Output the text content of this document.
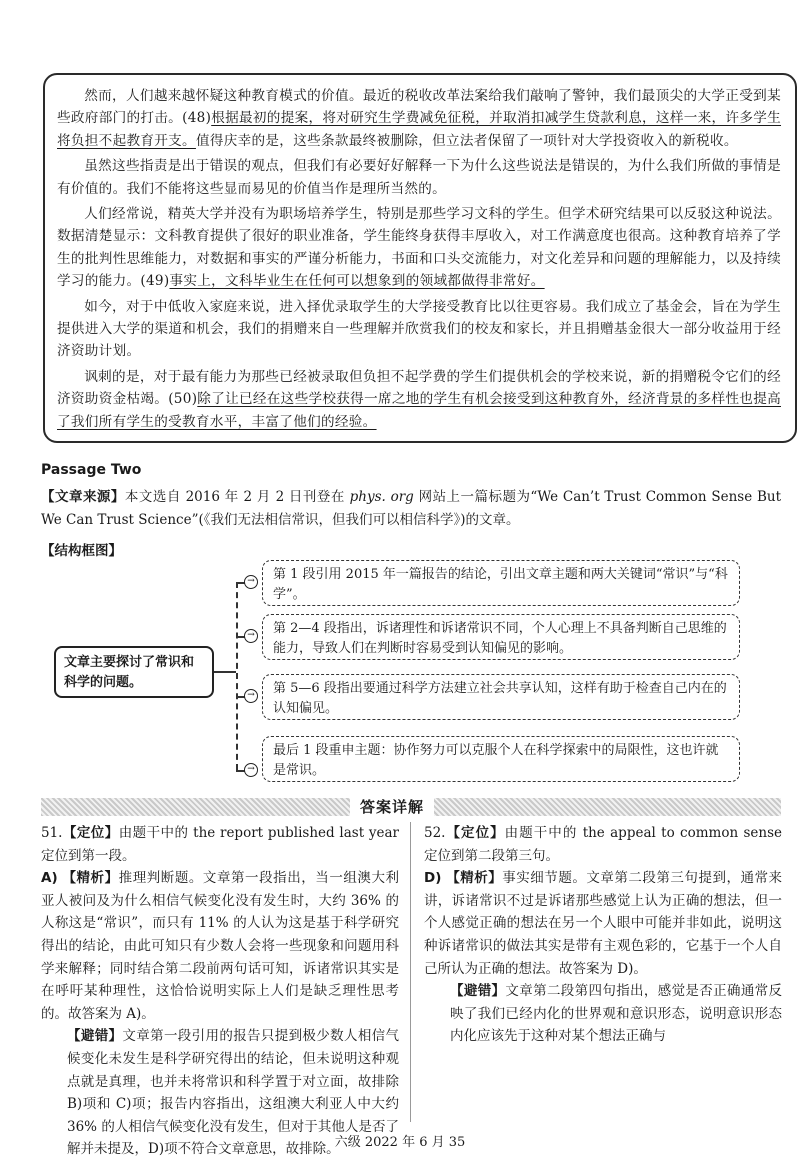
然而，人们越来越怀疑这种教育模式的价值。最近的税收改革法案给我们敲响了警钟，我们最顶尖的大学正受到某些政府部门的打击。(48)根据最初的提案，将对研究生学费减免征税，并取消扣减学生贷款利息，这样一来，许多学生将负担不起教育开支。值得庆幸的是，这些条款最终被删除，但立法者保留了一项针对大学投资收入的新税收。

虽然这些指责是出于错误的观点，但我们有必要好好解释一下为什么这些说法是错误的，为什么我们所做的事情是有价值的。我们不能将这些显而易见的价值当作是理所当然的。

人们经常说，精英大学并没有为职场培养学生，特别是那些学习文科的学生。但学术研究结果可以反驳这种说法。数据清楚显示：文科教育提供了很好的职业准备，学生能终身获得丰厚收入，对工作满意度也很高。这种教育培养了学生的批判性思维能力，对数据和事实的严谨分析能力，书面和口头交流能力，对文化差异和问题的理解能力，以及持续学习的能力。(49)事实上，文科毕业生在任何可以想象到的领域都做得非常好。

如今，对于中低收入家庭来说，进入择优录取学生的大学接受教育比以往更容易。我们成立了基金会，旨在为学生提供进入大学的渠道和机会，我们的捐赠来自一些理解并欣赏我们的校友和家长，并且捐赠基金很大一部分收益用于经济资助计划。

讽刺的是，对于最有能力为那些已经被录取但负担不起学费的学生们提供机会的学校来说，新的捐赠税令它们的经济资助资金枯竭。(50)除了让已经在这些学校获得一席之地的学生有机会接受到这种教育外，经济背景的多样性也提高了我们所有学生的受教育水平，丰富了他们的经验。

Passage Two
【文章来源】本文选自 2016 年 2 月 2 日刊登在 phys. org 网站上一篇标题为“We Can’t Trust Common Sense But We Can Trust Science”(《我们无法相信常识，但我们可以相信科学》)的文章。
【结构框图】
文章主要探讨了常识和科学的问题。
→	第 1 段引用 2015 年一篇报告的结论，引出文章主题和两大关键词“常识”与“科学”。
→	第 2—4 段指出，诉诸理性和诉诸常识不同，个人心理上不具备判断自己思维的能力，导致人们在判断时容易受到认知偏见的影响。
→	第 5—6 段指出要通过科学方法建立社会共享认知，这样有助于检查自己内在的认知偏见。
→
最后 1 段重申主题：协作努力可以克服个人在科学探索中的局限性，这也许就是常识。
答案详解

51.【定位】由题干中的 the report published last year 定位到第一段。

A) 【精析】推理判断题。文章第一段指出，当一组澳大利亚人被问及为什么相信气候变化没有发生时，大约 36% 的人称这是“常识”，而只有 11% 的人认为这是基于科学研究得出的结论，由此可知只有少数人会将一些现象和问题用科学来解释；同时结合第二段前两句话可知，诉诸常识其实是在呼吁某种理性，这恰恰说明实际上人们是缺乏理性思考的。故答案为 A)。

【避错】文章第一段引用的报告只提到极少数人相信气候变化未发生是科学研究得出的结论，但未说明这种观点就是真理，也并未将常识和科学置于对立面，故排除 B)项和 C)项；报告内容指出，这组澳大利亚人中大约 36% 的人相信气候变化没有发生，但对于其他人是否了解并未提及，D)项不符合文章意思，故排除。

52.【定位】由题干中的 the appeal to common sense 定位到第二段第三句。

D) 【精析】事实细节题。文章第二段第三句提到，通常来讲，诉诸常识不过是诉诸那些感觉上认为正确的想法，但一个人感觉正确的想法在另一个人眼中可能并非如此，说明这种诉诸常识的做法其实是带有主观色彩的，它基于一个人自己所认为正确的想法。故答案为 D)。

【避错】文章第二段第四句指出，感觉是否正确通常反映了我们已经内化的世界观和意识形态，说明意识形态内化应该先于这种对某个想法正确与

六级 2022 年 6 月 35
